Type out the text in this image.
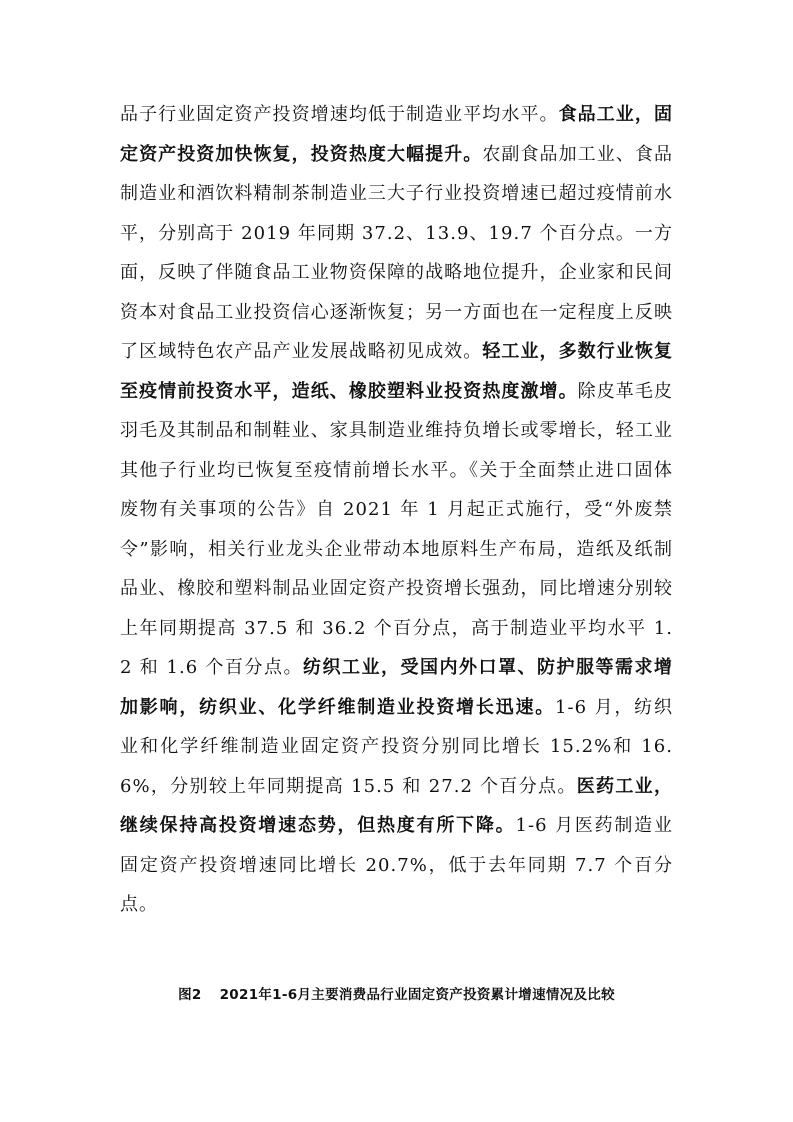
品子行业固定资产投资增速均低于制造业平均水平。食品工业，固定资产投资加快恢复，投资热度大幅提升。农副食品加工业、食品制造业和酒饮料精制茶制造业三大子行业投资增速已超过疫情前水平，分别高于 2019 年同期 37.2、13.9、19.7 个百分点。一方面，反映了伴随食品工业物资保障的战略地位提升，企业家和民间资本对食品工业投资信心逐渐恢复；另一方面也在一定程度上反映了区域特色农产品产业发展战略初见成效。轻工业，多数行业恢复至疫情前投资水平，造纸、橡胶塑料业投资热度激增。除皮革毛皮羽毛及其制品和制鞋业、家具制造业维持负增长或零增长，轻工业其他子行业均已恢复至疫情前增长水平。《关于全面禁止进口固体废物有关事项的公告》自 2021 年 1 月起正式施行，受“外废禁令”影响，相关行业龙头企业带动本地原料生产布局，造纸及纸制品业、橡胶和塑料制品业固定资产投资增长强劲，同比增速分别较上年同期提高 37.5 和 36.2 个百分点，高于制造业平均水平 1.2 和 1.6 个百分点。纺织工业，受国内外口罩、防护服等需求增加影响，纺织业、化学纤维制造业投资增长迅速。1-6 月，纺织业和化学纤维制造业固定资产投资分别同比增长 15.2%和 16.6%，分别较上年同期提高 15.5 和 27.2 个百分点。医药工业，继续保持高投资增速态势，但热度有所下降。1-6 月医药制造业固定资产投资增速同比增长 20.7%，低于去年同期 7.7 个百分点。

图2 2021年1-6月主要消费品行业固定资产投资累计增速情况及比较
